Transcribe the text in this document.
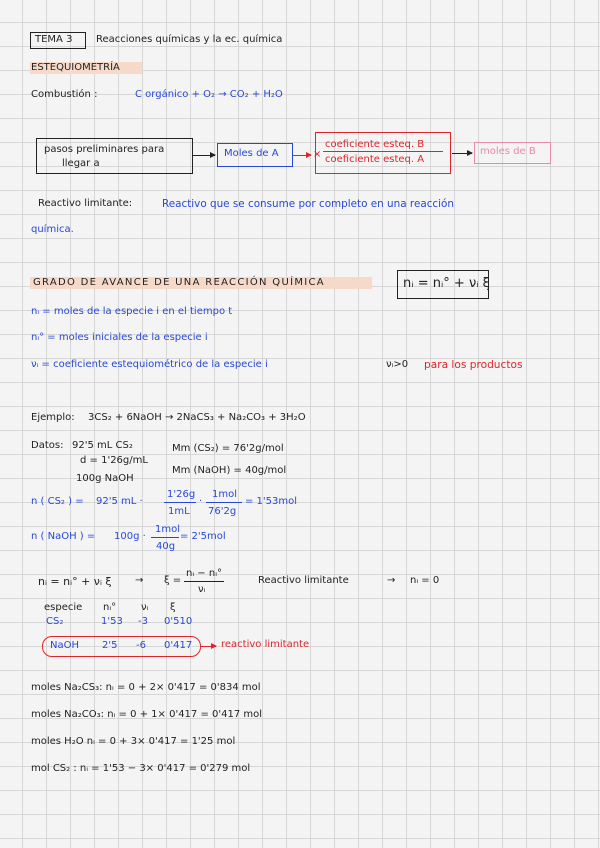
TEMA 3 Reacciones químicas y la ec. química
ESTEQUIOMETRÍA
Combustión :	C orgánico + O₂ → CO₂ + H₂O
pasos preliminares para
llegar a
Moles de A	×
coeficiente esteq. B
coeficiente esteq. A
moles de B
Reactivo limitante:	Reactivo que se consume por completo en una reacción
química.
GRADO DE AVANCE DE UNA REACCIÓN QUÍMICA	nᵢ = nᵢ° + νᵢ ξ
nᵢ = moles de la especie i en el tiempo t
nᵢ° = moles iniciales de la especie i
νᵢ = coeficiente estequiométrico de la especie i	νᵢ>0 para los productos
Ejemplo: 3CS₂ + 6NaOH → 2NaCS₃ + Na₂CO₃ + 3H₂O
Datos: 92'5 mL CS₂
d = 1'26g/mL
100g NaOH
Mm (CS₂) = 76'2g/mol
Mm (NaOH) = 40g/mol
n ( CS₂ ) = 92'5 mL ·
1'26g
1mL
·
1mol
76'2g
= 1'53mol
n ( NaOH ) = 100g ·
1mol
40g
= 2'5mol
nᵢ = nᵢ° + νᵢ ξ → ξ =
nᵢ − nᵢ°
νᵢ
Reactivo limitante	→ nᵢ = 0
especie nᵢ° νᵢ ξ
CS₂	1'53 -3 0'510
NaOH 2'5 -6 0'417	reactivo limitante
moles Na₂CS₃: nᵢ = 0 + 2× 0'417 = 0'834 mol
moles Na₂CO₃: nᵢ = 0 + 1× 0'417 = 0'417 mol
moles H₂O nᵢ = 0 + 3× 0'417 = 1'25 mol
mol CS₂ : nᵢ = 1'53 − 3× 0'417 = 0'279 mol
